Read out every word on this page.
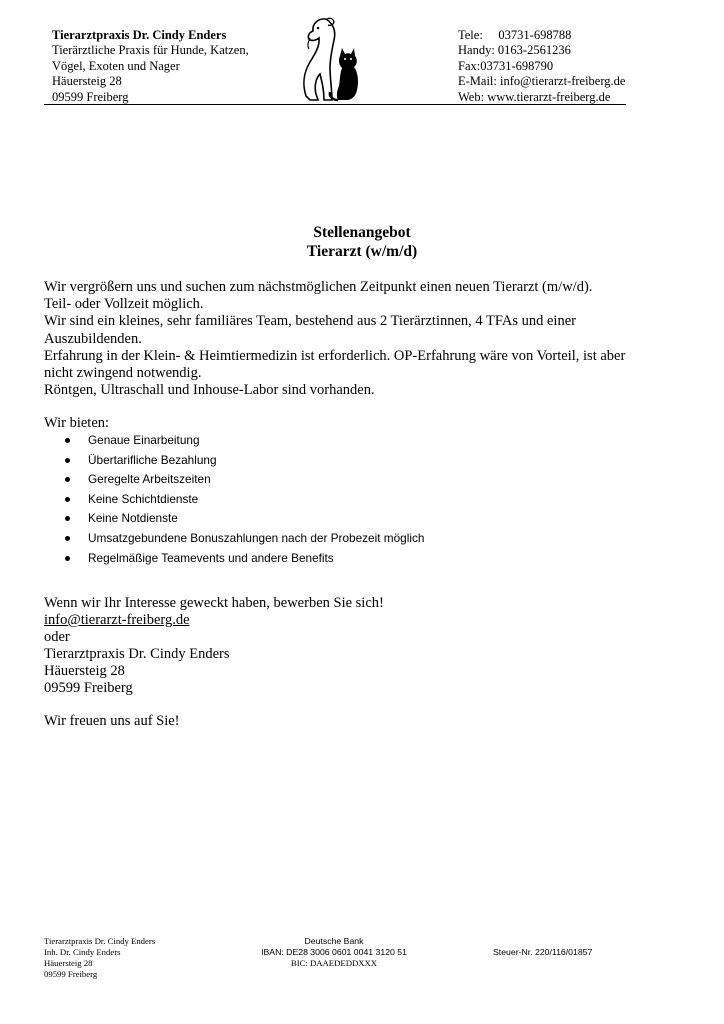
Tierarztpraxis Dr. Cindy Enders
Tierärztliche Praxis für Hunde, Katzen,
Vögel, Exoten und Nager
Häuersteig 28
09599 Freiberg
Tele:     03731-698788
Handy: 0163-2561236
Fax:03731-698790
E-Mail: info@tierarzt-freiberg.de
Web: www.tierarzt-freiberg.de
Stellenangebot
Tierarzt (w/m/d)

Wir vergrößern uns und suchen zum nächstmöglichen Zeitpunkt einen neuen Tierarzt (m/w/d).

Teil- oder Vollzeit möglich.

Wir sind ein kleines, sehr familiäres Team, bestehend aus 2 Tierärztinnen, 4 TFAs und einer Auszubildenden.

Erfahrung in der Klein- & Heimtiermedizin ist erforderlich. OP-Erfahrung wäre von Vorteil, ist aber nicht zwingend notwendig.

Röntgen, Ultraschall und Inhouse-Labor sind vorhanden.

Wir bieten:
Genaue Einarbeitung
Übertarifliche Bezahlung
Geregelte Arbeitszeiten
Keine Schichtdienste
Keine Notdienste
Umsatzgebundene Bonuszahlungen nach der Probezeit möglich
Regelmäßige Teamevents und andere Benefits

Wenn wir Ihr Interesse geweckt haben, bewerben Sie sich!

info@tierarzt-freiberg.de

oder

Tierarztpraxis Dr. Cindy Enders

Häuersteig 28

09599 Freiberg

Wir freuen uns auf Sie!

Tierarztpraxis Dr. Cindy Enders
Inh. Dr. Cindy Enders
Häuersteig 28
09599 Freiberg
Deutsche Bank
IBAN: DE28 3006 0601 0041 3120 51
BIC: DAAEDEDDXXX
Steuer-Nr. 220/116/01857
